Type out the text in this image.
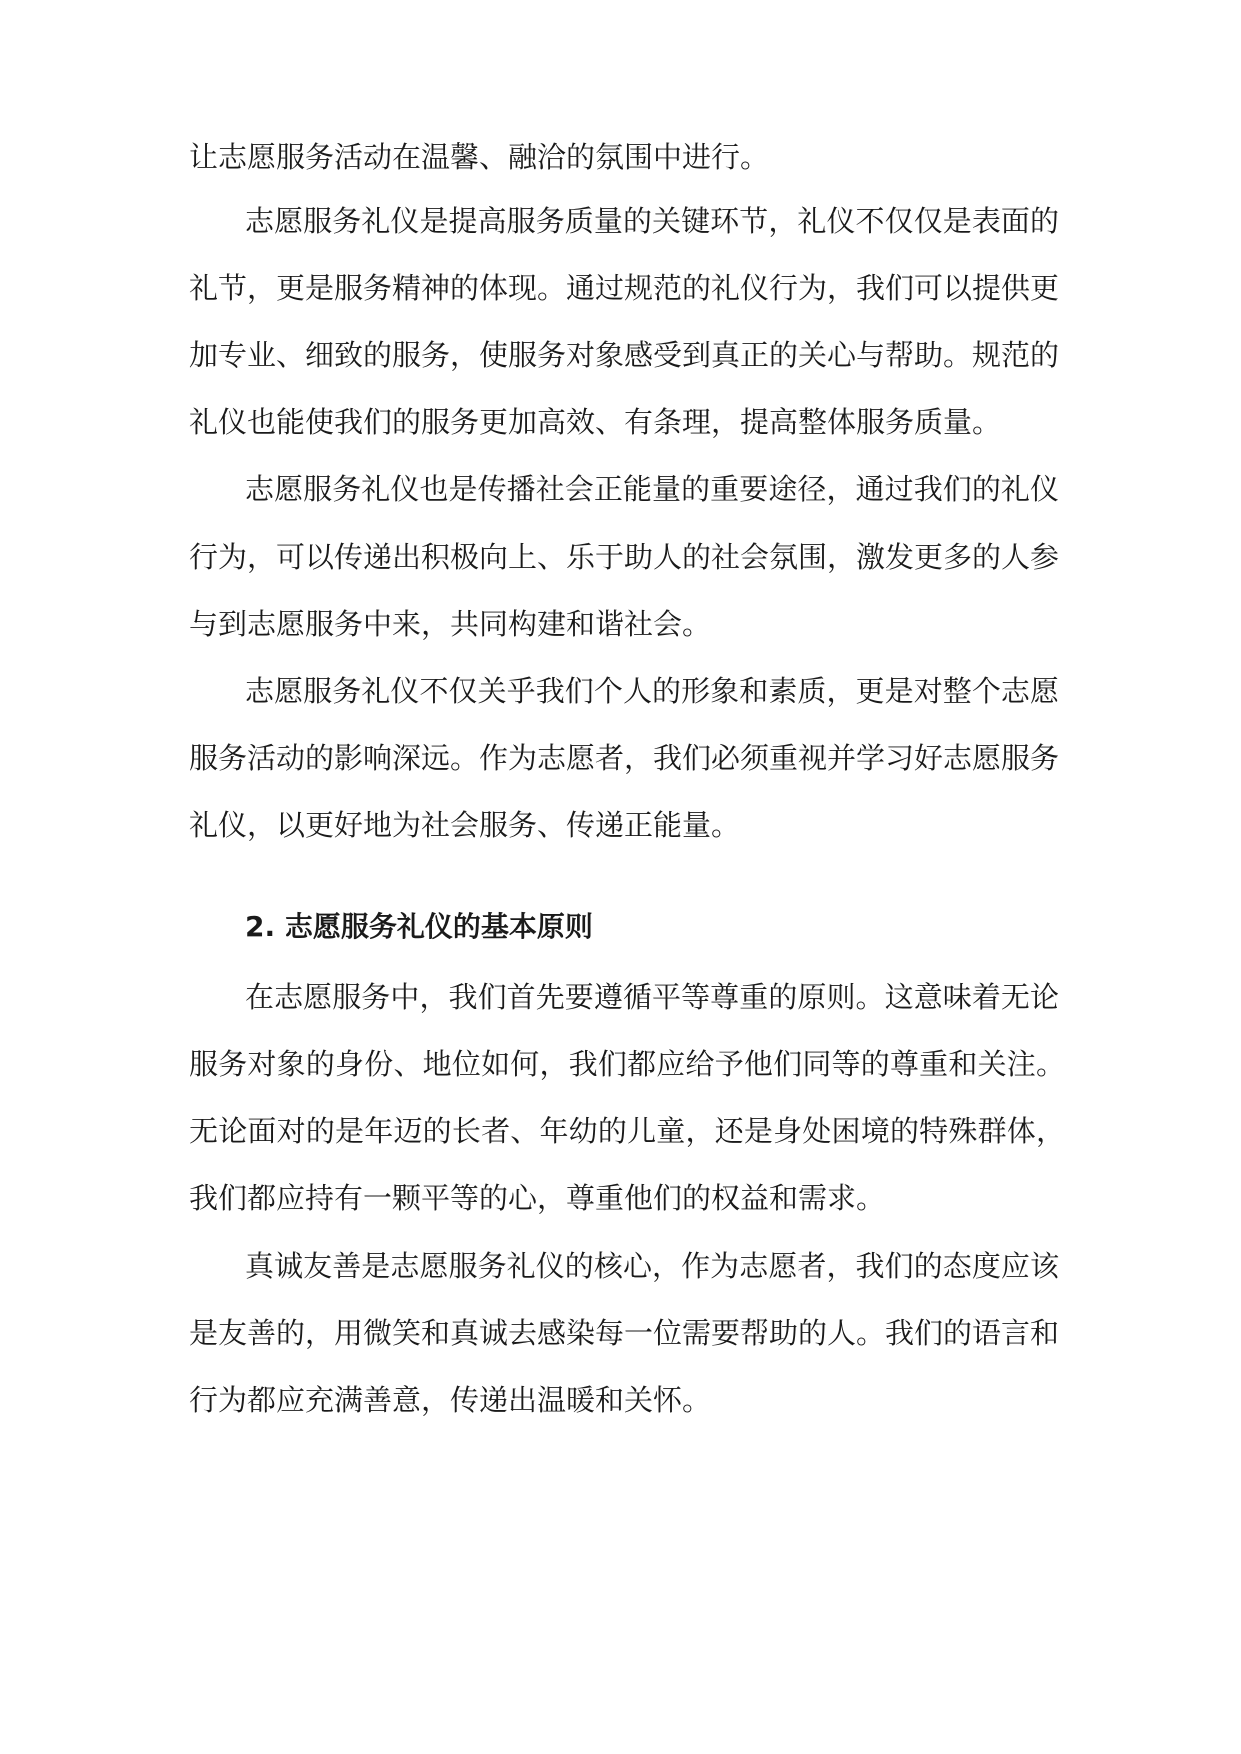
让志愿服务活动在温馨、融洽的氛围中进行。
志愿服务礼仪是提高服务质量的关键环节，礼仪不仅仅是表面的
礼节，更是服务精神的体现。通过规范的礼仪行为，我们可以提供更
加专业、细致的服务，使服务对象感受到真正的关心与帮助。规范的
礼仪也能使我们的服务更加高效、有条理，提高整体服务质量。
志愿服务礼仪也是传播社会正能量的重要途径，通过我们的礼仪
行为，可以传递出积极向上、乐于助人的社会氛围，激发更多的人参
与到志愿服务中来，共同构建和谐社会。
志愿服务礼仪不仅关乎我们个人的形象和素质，更是对整个志愿
服务活动的影响深远。作为志愿者，我们必须重视并学习好志愿服务
礼仪，以更好地为社会服务、传递正能量。
2. 志愿服务礼仪的基本原则
在志愿服务中，我们首先要遵循平等尊重的原则。这意味着无论
服务对象的身份、地位如何，我们都应给予他们同等的尊重和关注。
无论面对的是年迈的长者、年幼的儿童，还是身处困境的特殊群体，
我们都应持有一颗平等的心，尊重他们的权益和需求。
真诚友善是志愿服务礼仪的核心，作为志愿者，我们的态度应该
是友善的，用微笑和真诚去感染每一位需要帮助的人。我们的语言和
行为都应充满善意，传递出温暖和关怀。
